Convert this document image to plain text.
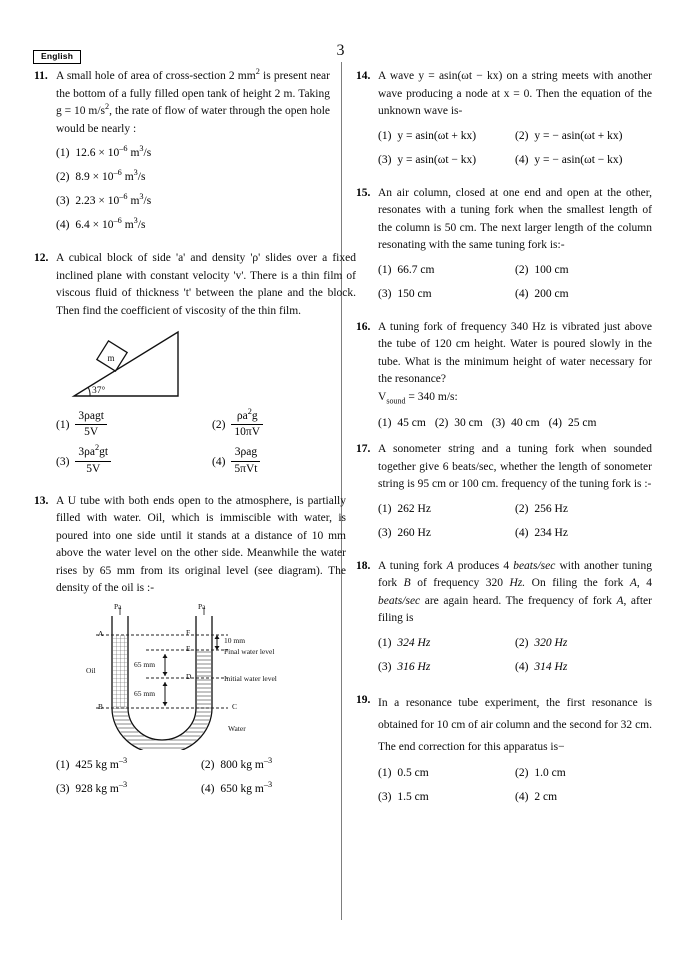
English	3
11. A small hole of area of cross-section 2 $mm^2$ is present near the bottom of a fully filled open tank of height 2 m. Taking g = 10 $m/s^2$, the rate of flow of water through the open hole would be nearly :
(1) $12.6 \times 10^{-6}$ $m^3/s$
(2) $8.9 \times 10^{-6}$ $m^3/s$
(3) $2.23 \times 10^{-6}$ $m^3/s$
(4) $6.4 \times 10^{-6}$ $m^3/s$
12. A cubical block of side 'a' and density 'ρ' slides over a fixed inclined plane with constant velocity 'v'. There is a thin film of viscous fluid of thickness 't' between the plane and the block. Then find the coefficient of viscosity of the thin film.
m
37°
$(1) \frac{\text{3ρagt}}{5V}$	$(2) \frac{\rho a^2g}{10\pi V}$
$(3) \frac{3\rho a^2gt}{5V}$	$(4) \frac{\text{3ρag}}{\text{5πVt}}$
13. A U tube with both ends open to the atmosphere, is partially filled with water. Oil, which is immiscible with water, is poured into one side until it stands at a distance of 10 mm above the water level on the other side. Meanwhile the water rises by 65 mm from its original level (see diagram). The density of the oil is :-
Pa	Pa
A
B	C
D
E
F
Oil
Water
10 mm
Final water level
Initial water level
65 mm
65 mm
(1) 425 kg $m^{-3}$	(2) 800 kg $m^{-3}$
(3) 928 kg $m^{-3}$	(4) 650 kg $m^{-3}$
14. A wave y = asin(ωt − kx) on a string meets with another wave producing a node at x = 0. Then the equation of the unknown wave is-
(1) y = asin(ωt + kx)	(2) y = − asin(ωt + kx)
(3) y = asin(ωt − kx)	(4) y = − asin(ωt − kx)
15. An air column, closed at one end and open at the other, resonates with a tuning fork when the smallest length of the column is 50 cm. The next larger length of the column resonating with the same tuning fork is:-
(1) 66.7 cm	(2) 100 cm
(3) 150 cm	(4) 200 cm
16. A tuning fork of frequency 340 Hz is vibrated just above the tube of 120 cm height. Water is poured slowly in the tube. What is the minimum height of water necessary for the resonance?
$V_{sound} = 340$ m/s:
(1) 45 cm (2) 30 cm (3) 40 cm (4) 25 cm
17. A sonometer string and a tuning fork when sounded together give 6 beats/sec, whether the length of sonometer string is 95 cm or 100 cm. frequency of the tuning fork is :-
(1) 262 Hz	(2) 256 Hz
(3) 260 Hz	(4) 234 Hz
18. A tuning fork A produces 4 beats/sec with another tuning fork B of frequency 320 Hz. On filing the fork A, 4 beats/sec are again heard. The frequency of fork A, after filing is
(1) 324 Hz	(2) 320 Hz
(3) 316 Hz	(4) 314 Hz
19. In a resonance tube experiment, the first resonance is obtained for 10 cm of air column and the second for 32 cm. The end correction for this apparatus is−
(1) 0.5 cm	(2) 1.0 cm
(3) 1.5 cm	(4) 2 cm
